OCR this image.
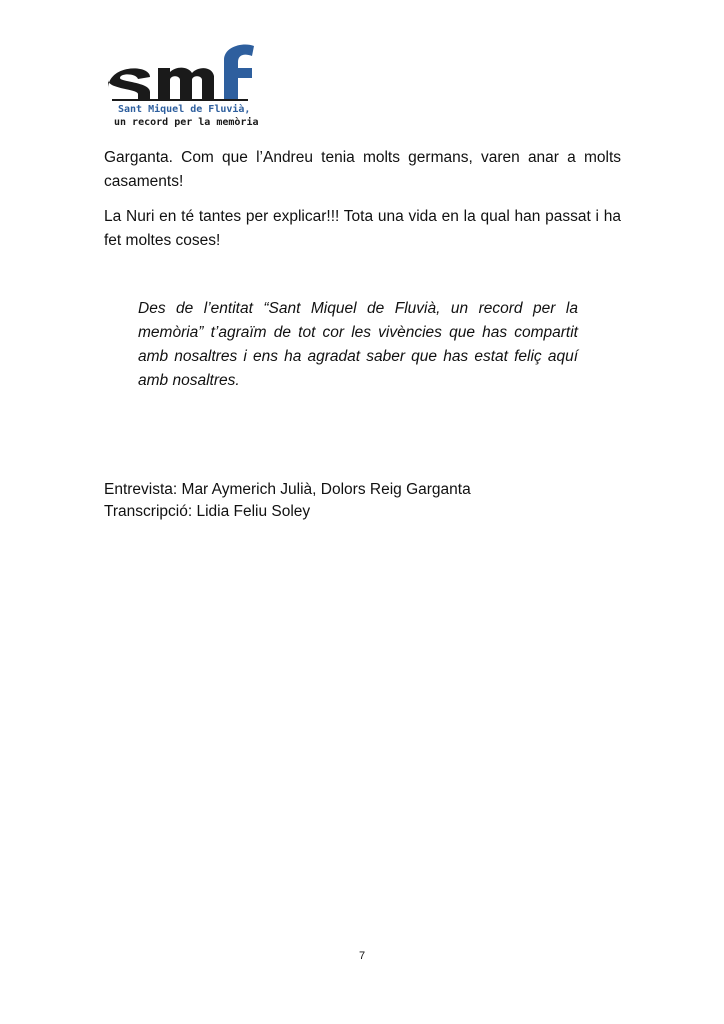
Sant Miquel de Fluvià,
un record per la memòria

Garganta. Com que l’Andreu tenia molts germans, varen anar a molts casaments!

La Nuri en té tantes per explicar!!! Tota una vida en la qual han passat i ha fet moltes coses!

Des de l’entitat “Sant Miquel de Fluvià, un record per la memòria” t’agraïm de tot cor les vivències que has compartit amb nosaltres i ens ha agradat saber que has estat feliç aquí amb nosaltres.

Entrevista: Mar Aymerich Julià, Dolors Reig Garganta
Transcripció: Lidia Feliu Soley
7
